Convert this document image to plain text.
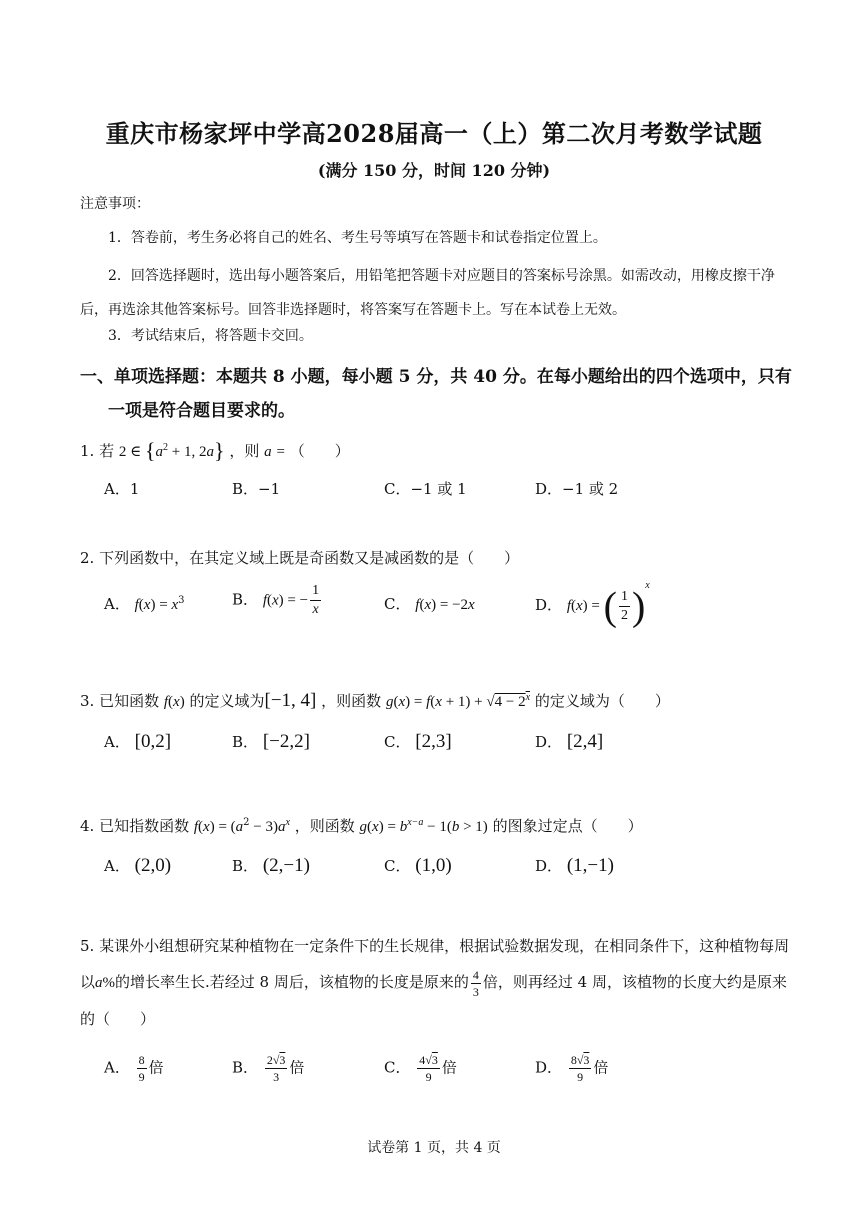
重庆市杨家坪中学高2028届高一（上）第二次月考数学试题
(满分 150 分，时间 120 分钟)
注意事项：
1．答卷前，考生务必将自己的姓名、考生号等填写在答题卡和试卷指定位置上。
2．回答选择题时，选出每小题答案后，用铅笔把答题卡对应题目的答案标号涂黑。如需改动，用橡皮擦干净后，再选涂其他答案标号。回答非选择题时，将答案写在答题卡上。写在本试卷上无效。
3．考试结束后，将答题卡交回。
一、单项选择题：本题共 8 小题，每小题 5 分，共 40 分。在每小题给出的四个选项中，只有
一项是符合题目要求的。
1. 若 2 ∈ {$a^2 + 1$, 2a} ，则 a = （　　）
A．1	B．−1	C．−1 或 1	D．−1 或 2
2. 下列函数中，在其定义域上既是奇函数又是减函数的是（　　）
A． $f(x) = x^3$	B． f(x) = − $\frac{1}{x}$	C． f(x) = −2x	D． f(x) = ( $\frac{1}{2} )^x$
3. 已知函数 f(x) 的定义域为[−1, 4] ，则函数 $g(x) = f(x + 1) + √4 - 2^x$ 的定义域为（　　）
A． [0,2]	B． [−2,2]	C． [2,3]	D． [2,4]
4. 已知指数函数 $f(x) = (a^2 - 3)a^x$ ，则函数 $g(x) = b^{x-a} - 1(b > 1)$ 的图象过定点（　　）
A． (2,0)	B． (2,−1)	C． (1,0)	D． (1,−1)
5. 某课外小组想研究某种植物在一定条件下的生长规律，根据试验数据发现，在相同条件下，这种植物每周以a%的增长率生长.若经过 8 周后，该植物的长度是原来的 $\frac{4}{3}$ 倍，则再经过 4 周，该植物的长度大约是原来的（　　）
A． $\frac{8}{9}$ 倍	B． $\frac{2√3}{3}$ 倍	C． $\frac{4√3}{9}$ 倍	D． $\frac{8√3}{9}$ 倍
试卷第 1 页，共 4 页
